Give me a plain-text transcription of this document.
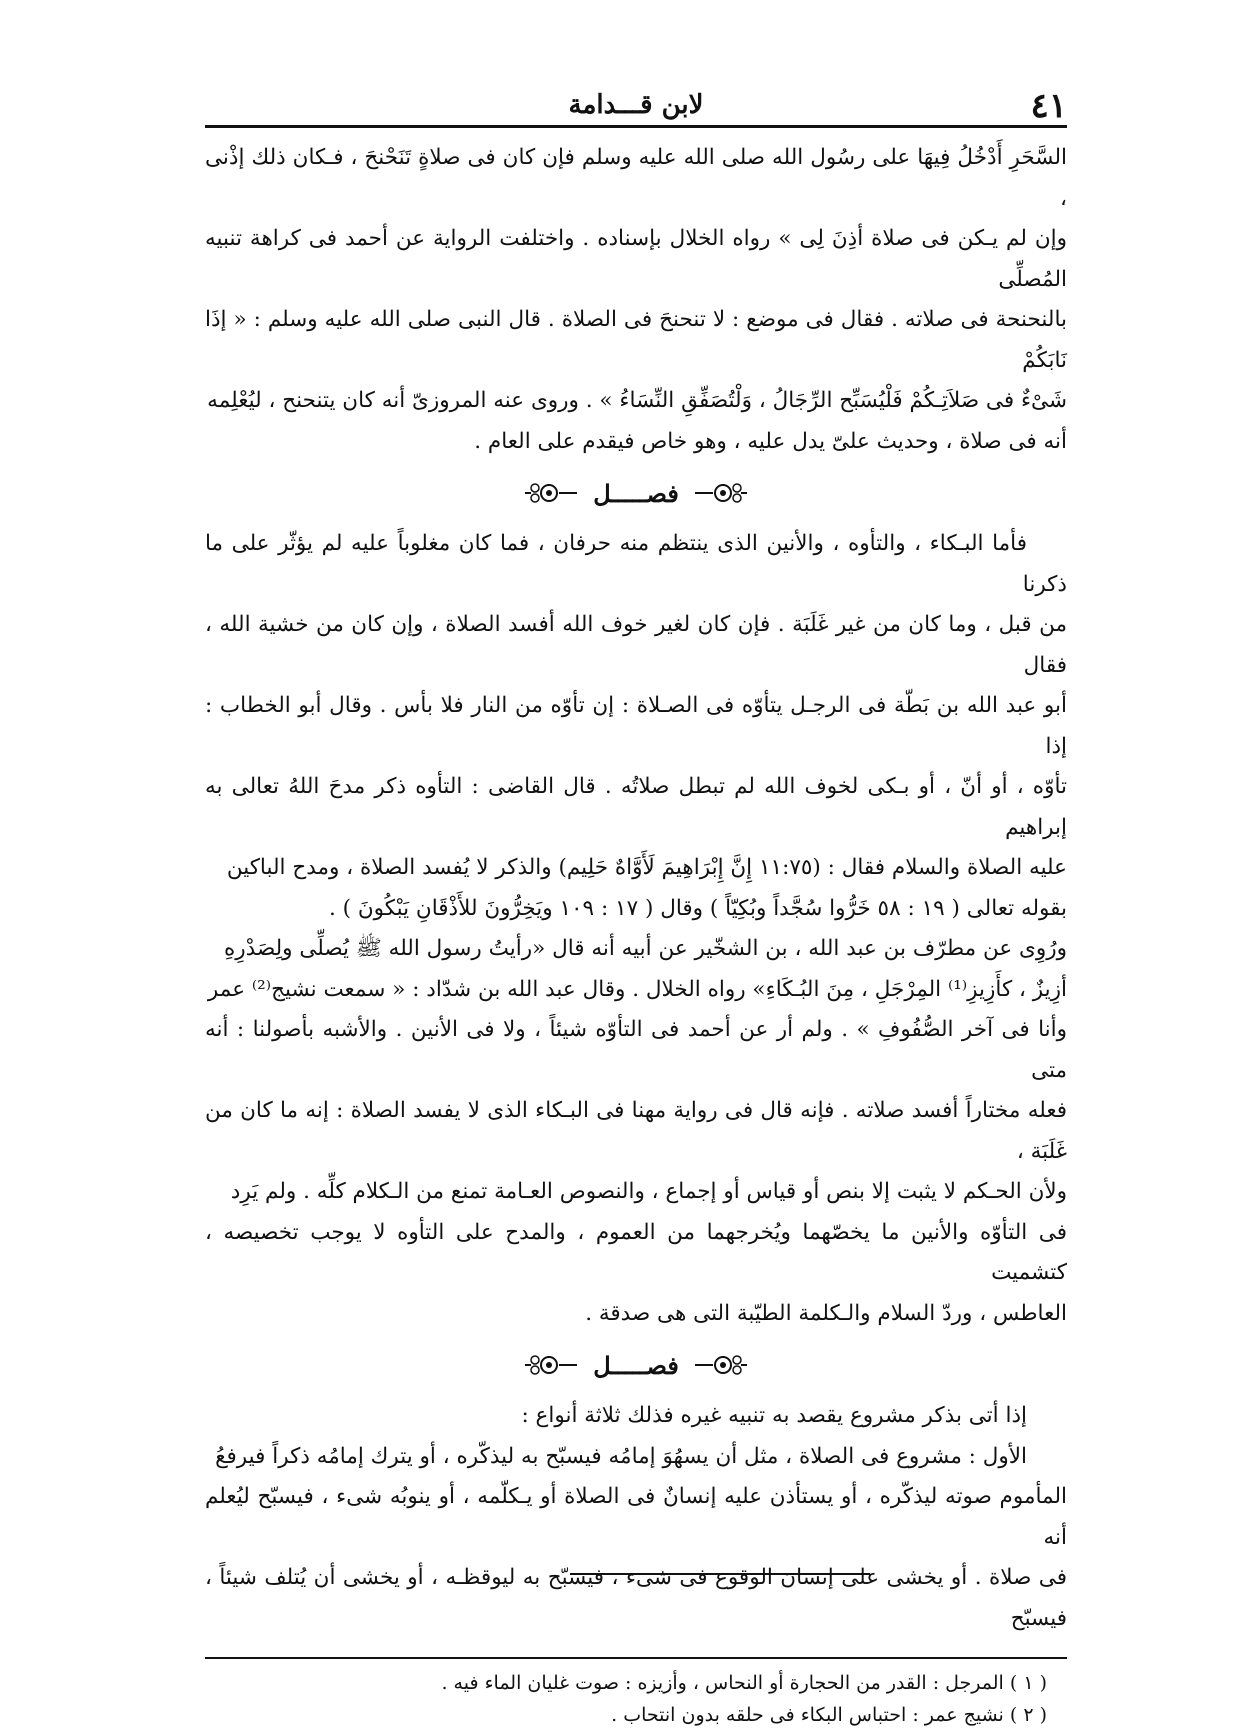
٤١
لابن قـــدامة

السَّحَرِ أَدْخُلُ فِيهَا على رسُول الله صلى الله عليه وسلم فإن كان فى صلاةٍ تَنَحْنحَ ، فـكان ذلك إذْنى ،

وإن لم يـكن فى صلاة أذِنَ لِى » رواه الخلال بإسناده . واختلفت الرواية عن أحمد فى كراهة تنبيه المُصلِّى

بالنحنحة فى صلاته . فقال فى موضع : لا تنحنحَ فى الصلاة . قال النبى صلى الله عليه وسلم : « إذَا نَابَكُمْ

شَىْءٌ فى صَلاَتِـكُمْ فَلْيُسَبِّح الرِّجَالُ ، وَلْتُصَفِّقِ النِّسَاءُ » . وروى عنه المروزىّ أنه كان يتنحنح ، ليُعْلِمه

أنه فى صلاة ، وحديث علىّ يدل عليه ، وهو خاص فيقدم على العام .

فصـــــل

فأما البـكاء ، والتأوه ، والأنين الذى ينتظم منه حرفان ، فما كان مغلوباً عليه لم يؤثّر على ما ذكرنا

من قبل ، وما كان من غير غَلَبَة . فإن كان لغير خوف الله أفسد الصلاة ، وإن كان من خشية الله ، فقال

أبو عبد الله بن بَطّة فى الرجـل يتأوّه فى الصـلاة : إن تأوّه من النار فلا بأس . وقال أبو الخطاب : إذا

تأوّه ، أو أنّ ، أو بـكى لخوف الله لم تبطل صلاتُه . قال القاضى : التأوه ذكر مدحَ اللهُ تعالى به إبراهيم

عليه الصلاة والسلام فقال : (١١:٧٥ إِنَّ إِبْرَاهِيمَ لَأَوَّاهٌ حَلِيم) والذكر لا يُفسد الصلاة ، ومدح الباكين

بقوله تعالى ( ١٩ : ٥٨ خَرُّوا سُجَّداً وبُكِيّاً ) وقال ( ١٧ : ١٠٩ ويَخِرُّونَ للأَذْقَانِ يَبْكُونَ ) .

ورُوِى عن مطرّف بن عبد الله ، بن الشخّير عن أبيه أنه قال «رأيتُ رسول الله ﷺ يُصلِّى ولِصَدْرِهِ

أزِيزٌ ، كأَزِيزِ⁽¹⁾ المِرْجَلِ ، مِنَ البُـكَاءِ» رواه الخلال . وقال عبد الله بن شدّاد : « سمعت نشيج⁽²⁾ عمر

وأنا فى آخر الصُّفُوفِ » . ولم أر عن أحمد فى التأوّه شيئاً ، ولا فى الأنين . والأشبه بأصولنا : أنه متى

فعله مختاراً أفسد صلاته . فإنه قال فى رواية مهنا فى البـكاء الذى لا يفسد الصلاة : إنه ما كان من غَلَبَة ،

ولأن الحـكم لا يثبت إلا بنص أو قياس أو إجماع ، والنصوص العـامة تمنع من الـكلام كلِّه . ولم يَرِد

فى التأوّه والأنين ما يخصّهما ويُخرجهما من العموم ، والمدح على التأوه لا يوجب تخصيصه ، كتشميت

العاطس ، وردّ السلام والـكلمة الطيّبة التى هى صدقة .

فصـــــل

إذا أتى بذكر مشروع يقصد به تنبيه غيره فذلك ثلاثة أنواع :

الأول : مشروع فى الصلاة ، مثل أن يسهُوَ إمامُه فيسبّح به ليذكّره ، أو يترك إمامُه ذكراً فيرفعُ

المأموم صوته ليذكّره ، أو يستأذن عليه إنسانٌ فى الصلاة أو يـكلّمه ، أو ينوبُه شىء ، فيسبّح ليُعلم أنه

فى صلاة . أو يخشى على إنسان الوقوع فى شىء ، فيسبّح به ليوقظـه ، أو يخشى أن يُتلف شيئاً ، فيسبّح

( ١ ) المرجل : القدر من الحجارة أو النحاس ، وأزيزه : صوت غليان الماء فيه .

( ٢ ) نشيج عمر : احتباس البكاء فى حلقه بدون انتحاب .
